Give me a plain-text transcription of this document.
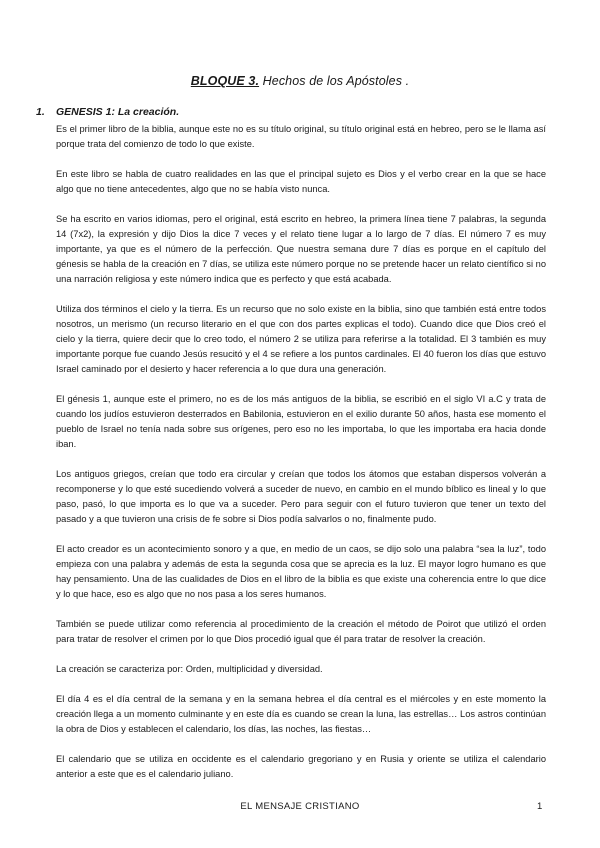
BLOQUE 3. Hechos de los Apóstoles .
1. GENESIS 1: La creación.

Es el primer libro de la biblia, aunque este no es su título original, su título original está en hebreo, pero se le llama así porque trata del comienzo de todo lo que existe.

En este libro se habla de cuatro realidades en las que el principal sujeto es Dios y el verbo crear en la que se hace algo que no tiene antecedentes, algo que no se había visto nunca.

Se ha escrito en varios idiomas, pero el original, está escrito en hebreo, la primera línea tiene 7 palabras, la segunda 14 (7x2), la expresión y dijo Dios la dice 7 veces y el relato tiene lugar a lo largo de 7 días. El número 7 es muy importante, ya que es el número de la perfección. Que nuestra semana dure 7 días es porque en el capítulo del génesis se habla de la creación en 7 días, se utiliza este número porque no se pretende hacer un relato científico si no una narración religiosa y este número indica que es perfecto y que está acabada.

Utiliza dos términos el cielo y la tierra. Es un recurso que no solo existe en la biblia, sino que también está entre todos nosotros, un merismo (un recurso literario en el que con dos partes explicas el todo). Cuando dice que Dios creó el cielo y la tierra, quiere decir que lo creo todo, el número 2 se utiliza para referirse a la totalidad. El 3 también es muy importante porque fue cuando Jesús resucitó y el 4 se refiere a los puntos cardinales. El 40 fueron los días que estuvo Israel caminado por el desierto y hacer referencia a lo que dura una generación.

El génesis 1, aunque este el primero, no es de los más antiguos de la biblia, se escribió en el siglo VI a.C y trata de cuando los judíos estuvieron desterrados en Babilonia, estuvieron en el exilio durante 50 años, hasta ese momento el pueblo de Israel no tenía nada sobre sus orígenes, pero eso no les importaba, lo que les importaba era hacia donde iban.

Los antiguos griegos, creían que todo era circular y creían que todos los átomos que estaban dispersos volverán a recomponerse y lo que esté sucediendo volverá a suceder de nuevo, en cambio en el mundo bíblico es lineal y lo que paso, pasó, lo que importa es lo que va a suceder. Pero para seguir con el futuro tuvieron que tener un texto del pasado y a que tuvieron una crisis de fe sobre si Dios podía salvarlos o no, finalmente pudo.

El acto creador es un acontecimiento sonoro y a que, en medio de un caos, se dijo solo una palabra “sea la luz”, todo empieza con una palabra y además de esta la segunda cosa que se aprecia es la luz. El mayor logro humano es que hay pensamiento. Una de las cualidades de Dios en el libro de la biblia es que existe una coherencia entre lo que dice y lo que hace, eso es algo que no nos pasa a los seres humanos.

También se puede utilizar como referencia al procedimiento de la creación el método de Poirot que utilizó el orden para tratar de resolver el crimen por lo que Dios procedió igual que él para tratar de resolver la creación.

La creación se caracteriza por: Orden, multiplicidad y diversidad.

El día 4 es el día central de la semana y en la semana hebrea el día central es el miércoles y en este momento la creación llega a un momento culminante y en este día es cuando se crean la luna, las estrellas… Los astros continúan la obra de Dios y establecen el calendario, los días, las noches, las fiestas…

El calendario que se utiliza en occidente es el calendario gregoriano y en Rusia y oriente se utiliza el calendario anterior a este que es el calendario juliano.

EL MENSAJE CRISTIANO	1
